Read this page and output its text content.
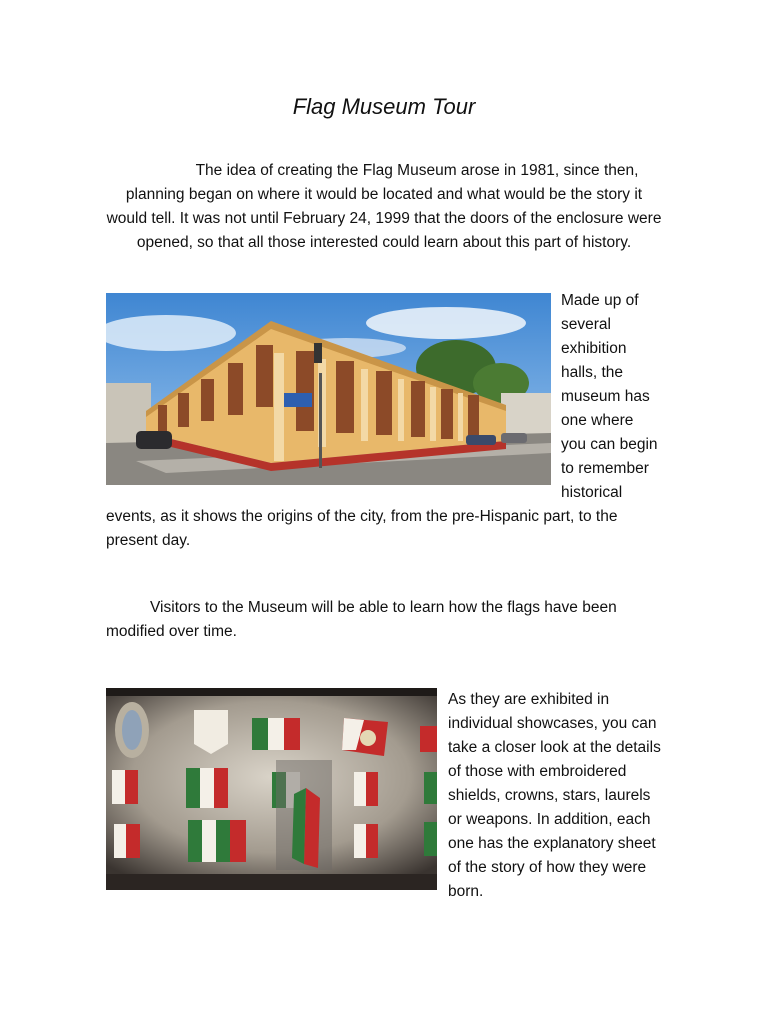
Flag Museum Tour

The idea of creating the Flag Museum arose in 1981, since then, planning began on where it would be located and what would be the story it would tell. It was not until February 24, 1999 that the doors of the enclosure were opened, so that all those interested could learn about this part of history.

Made up of several exhibition halls, the museum has one where you can begin to remember historical events, as it shows the origins of the city, from the pre-Hispanic part, to the present day.

Visitors to the Museum will be able to learn how the flags have been modified over time.

As they are exhibited in individual showcases, you can take a closer look at the details of those with embroidered shields, crowns, stars, laurels or weapons. In addition, each one has the explanatory sheet of the story of how they were born.
